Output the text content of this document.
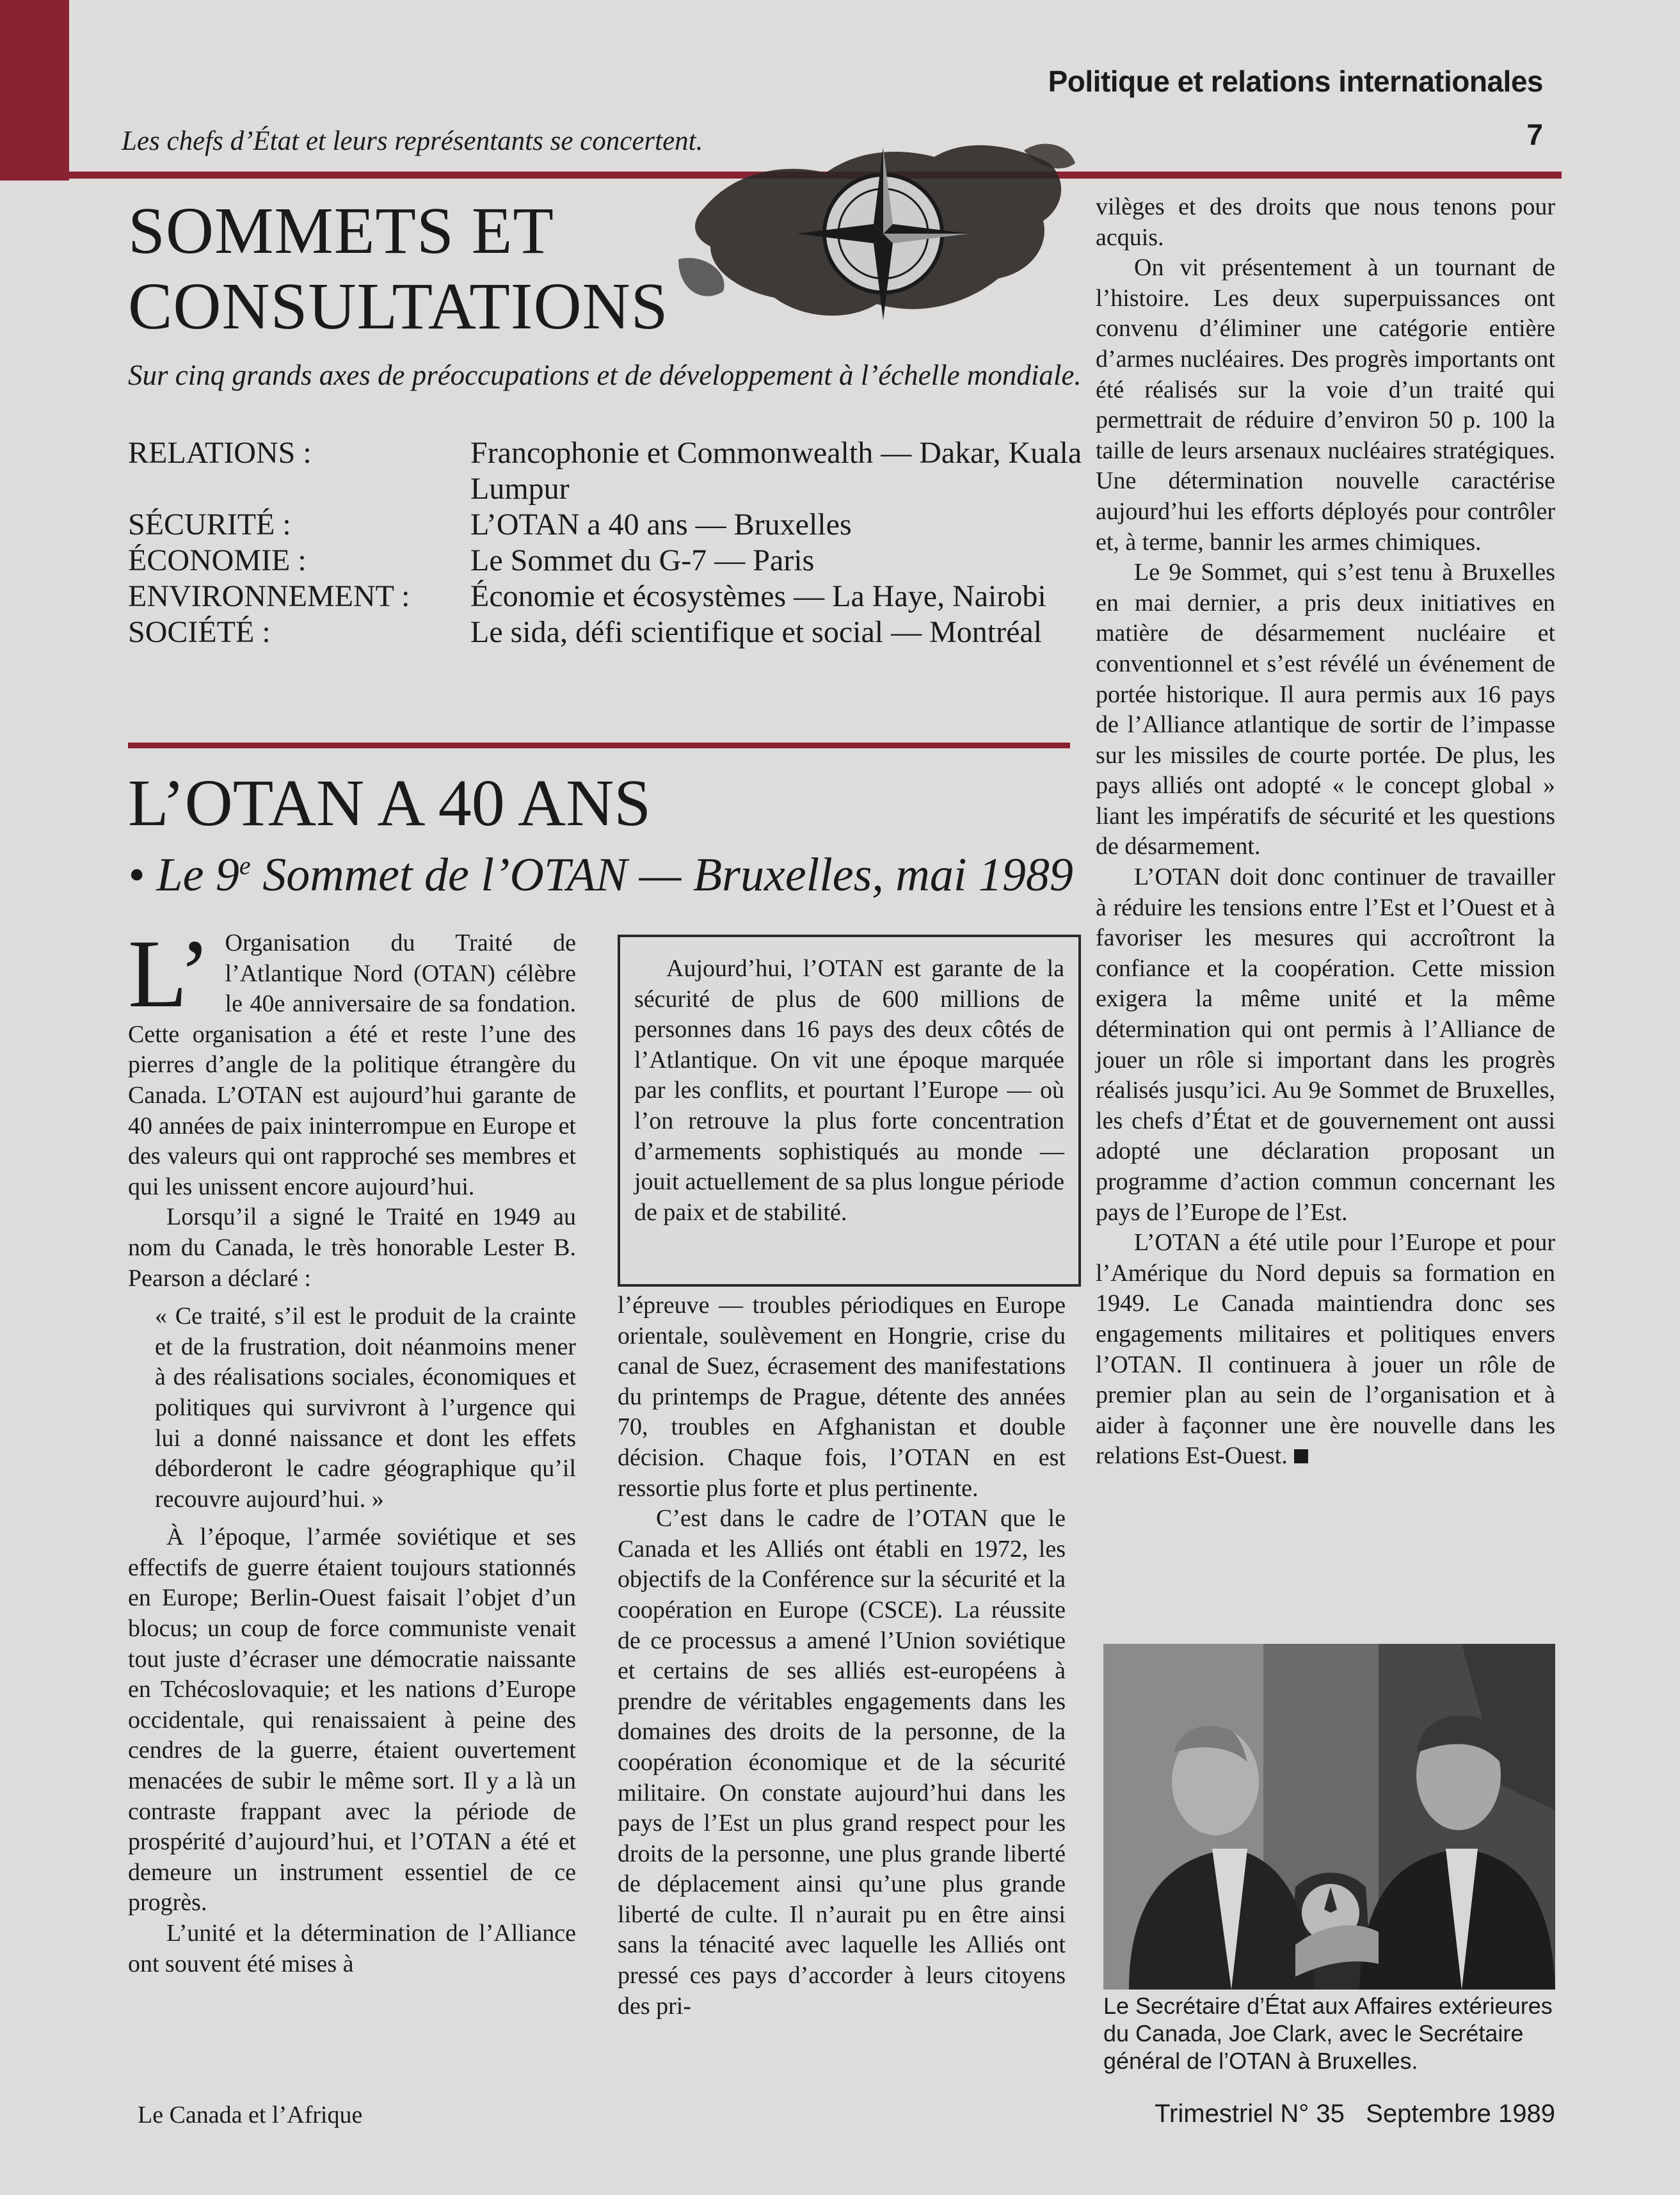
Politique et relations internationales
7
Les chefs d’État et leurs représentants se concertent.
SOMMETS ET
CONSULTATIONS
Sur cinq grands axes de préoccupations et de développement à l’échelle mondiale.
RELATIONS :	Francophonie et Commonwealth — Dakar, Kuala Lumpur
SÉCURITÉ :	L’OTAN a 40 ans — Bruxelles
ÉCONOMIE :	Le Sommet du G-7 — Paris
ENVIRONNEMENT :	Économie et écosystèmes — La Haye, Nairobi
SOCIÉTÉ :	Le sida, défi scientifique et social — Montréal
L’OTAN A 40 ANS
• Le 9e Sommet de l’OTAN — Bruxelles, mai 1989

L’ Organisation du Traité de l’Atlantique Nord (OTAN) célèbre le 40e anniversaire de sa fondation. Cette organisation a été et reste l’une des pierres d’angle de la politique étrangère du Canada. L’OTAN est aujourd’hui garante de 40 années de paix ininterrompue en Europe et des valeurs qui ont rapproché ses membres et qui les unissent encore aujourd’hui.

Lorsqu’il a signé le Traité en 1949 au nom du Canada, le très honorable Lester B. Pearson a déclaré :

« Ce traité, s’il est le produit de la crainte et de la frustration, doit néanmoins mener à des réalisations sociales, économiques et politiques qui survivront à l’urgence qui lui a donné naissance et dont les effets déborderont le cadre géographique qu’il recouvre aujourd’hui. »

À l’époque, l’armée soviétique et ses effectifs de guerre étaient toujours stationnés en Europe; Berlin-Ouest faisait l’objet d’un blocus; un coup de force communiste venait tout juste d’écraser une démocratie naissante en Tchécoslovaquie; et les nations d’Europe occidentale, qui renaissaient à peine des cendres de la guerre, étaient ouvertement menacées de subir le même sort. Il y a là un contraste frappant avec la période de prospérité d’aujourd’hui, et l’OTAN a été et demeure un instrument essentiel de ce progrès.

L’unité et la détermination de l’Alliance ont souvent été mises à

Aujourd’hui, l’OTAN est garante de la sécurité de plus de 600 millions de personnes dans 16 pays des deux côtés de l’Atlantique. On vit une époque marquée par les conflits, et pourtant l’Europe — où l’on retrouve la plus forte concentration d’armements sophistiqués au monde — jouit actuellement de sa plus longue période de paix et de stabilité.

l’épreuve — troubles périodiques en Europe orientale, soulèvement en Hongrie, crise du canal de Suez, écrasement des manifestations du printemps de Prague, détente des années 70, troubles en Afghanistan et double décision. Chaque fois, l’OTAN en est ressortie plus forte et plus pertinente.

C’est dans le cadre de l’OTAN que le Canada et les Alliés ont établi en 1972, les objectifs de la Conférence sur la sécurité et la coopération en Europe (CSCE). La réussite de ce processus a amené l’Union soviétique et certains de ses alliés est-européens à prendre de véritables engagements dans les domaines des droits de la personne, de la coopération économique et de la sécurité militaire. On constate aujourd’hui dans les pays de l’Est un plus grand respect pour les droits de la personne, une plus grande liberté de déplacement ainsi qu’une plus grande liberté de culte. Il n’aurait pu en être ainsi sans la ténacité avec laquelle les Alliés ont pressé ces pays d’accorder à leurs citoyens des pri-

vilèges et des droits que nous tenons pour acquis.

On vit présentement à un tournant de l’histoire. Les deux superpuissances ont convenu d’éliminer une catégorie entière d’armes nucléaires. Des progrès importants ont été réalisés sur la voie d’un traité qui permettrait de réduire d’environ 50 p. 100 la taille de leurs arsenaux nucléaires stratégiques. Une détermination nouvelle caractérise aujourd’hui les efforts déployés pour contrôler et, à terme, bannir les armes chimiques.

Le 9e Sommet, qui s’est tenu à Bruxelles en mai dernier, a pris deux initiatives en matière de désarmement nucléaire et conventionnel et s’est révélé un événement de portée historique. Il aura permis aux 16 pays de l’Alliance atlantique de sortir de l’impasse sur les missiles de courte portée. De plus, les pays alliés ont adopté « le concept global » liant les impératifs de sécurité et les questions de désarmement.

L’OTAN doit donc continuer de travailler à réduire les tensions entre l’Est et l’Ouest et à favoriser les mesures qui accroîtront la confiance et la coopération. Cette mission exigera la même unité et la même détermination qui ont permis à l’Alliance de jouer un rôle si important dans les progrès réalisés jusqu’ici. Au 9e Sommet de Bruxelles, les chefs d’État et de gouvernement ont aussi adopté une déclaration proposant un programme d’action commun concernant les pays de l’Europe de l’Est.

L’OTAN a été utile pour l’Europe et pour l’Amérique du Nord depuis sa formation en 1949. Le Canada maintiendra donc ses engagements militaires et politiques envers l’OTAN. Il continuera à jouer un rôle de premier plan au sein de l’organisation et à aider à façonner une ère nouvelle dans les relations Est-Ouest.

Le Secrétaire d’État aux Affaires extérieures du Canada, Joe Clark, avec le Secrétaire général de l’OTAN à Bruxelles.
Le Canada et l’Afrique	Trimestriel N° 35   Septembre 1989
